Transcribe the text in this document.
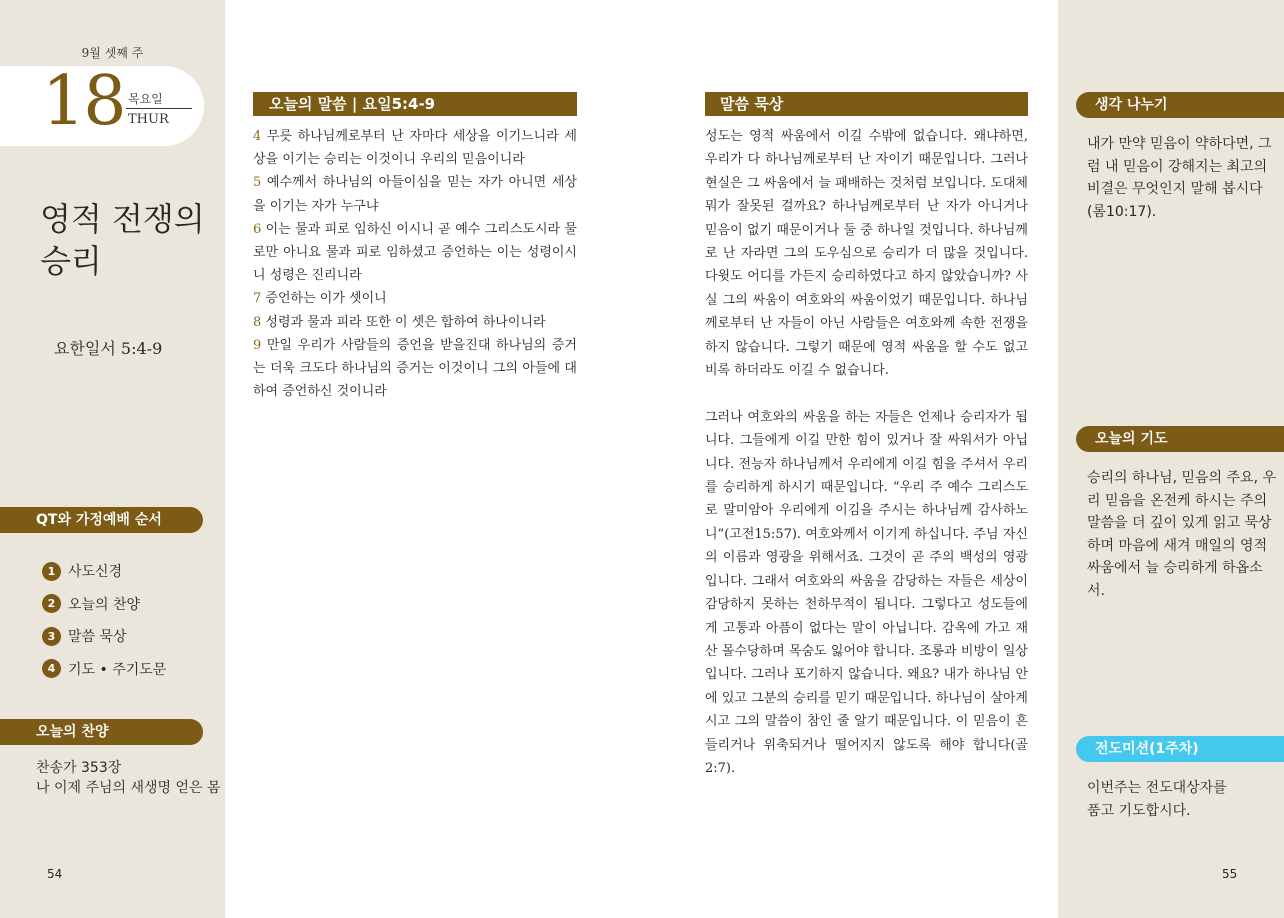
9월 셋째 주
18 목요일
THUR
영적 전쟁의
승리
요한일서 5:4-9
QT와 가정예배 순서
1 사도신경
2 오늘의 찬양
3 말씀 묵상
4 기도 • 주기도문
오늘의 찬양
찬송가 353장
나 이제 주님의 새생명 얻은 몸
54
오늘의 말씀 | 요일5:4-9
4 무릇 하나님께로부터 난 자마다 세상을 이기느니라 세상을 이기는 승리는 이것이니 우리의 믿음이니라
5 예수께서 하나님의 아들이심을 믿는 자가 아니면 세상을 이기는 자가 누구냐
6 이는 물과 피로 임하신 이시니 곧 예수 그리스도시라 물로만 아니요 물과 피로 임하셨고 증언하는 이는 성령이시니 성령은 진리니라
7 증언하는 이가 셋이니
8 성령과 물과 피라 또한 이 셋은 합하여 하나이니라
9 만일 우리가 사람들의 증언을 받을진대 하나님의 증거는 더욱 크도다 하나님의 증거는 이것이니 그의 아들에 대하여 증언하신 것이니라
말씀 묵상

성도는 영적 싸움에서 이길 수밖에 없습니다. 왜냐하면, 우리가 다 하나님께로부터 난 자이기 때문입니다. 그러나 현실은 그 싸움에서 늘 패배하는 것처럼 보입니다. 도대체 뭐가 잘못된 걸까요? 하나님께로부터 난 자가 아니거나 믿음이 없기 때문이거나 둘 중 하나일 것입니다. 하나님께로 난 자라면 그의 도우심으로 승리가 더 많을 것입니다. 다윗도 어디를 가든지 승리하였다고 하지 않았습니까? 사실 그의 싸움이 여호와의 싸움이었기 때문입니다. 하나님께로부터 난 자들이 아닌 사람들은 여호와께 속한 전쟁을 하지 않습니다. 그렇기 때문에 영적 싸움을 할 수도 없고 비록 하더라도 이길 수 없습니다.

그러나 여호와의 싸움을 하는 자들은 언제나 승리자가 됩니다. 그들에게 이길 만한 힘이 있거나 잘 싸워서가 아닙니다. 전능자 하나님께서 우리에게 이길 힘을 주셔서 우리를 승리하게 하시기 때문입니다. “우리 주 예수 그리스도로 말미암아 우리에게 이김을 주시는 하나님께 감사하노니”(고전15:57). 여호와께서 이기게 하십니다. 주님 자신의 이름과 영광을 위해서죠. 그것이 곧 주의 백성의 영광입니다. 그래서 여호와의 싸움을 감당하는 자들은 세상이 감당하지 못하는 천하무적이 됩니다. 그렇다고 성도들에게 고통과 아픔이 없다는 말이 아닙니다. 감옥에 가고 재산 몰수당하며 목숨도 잃어야 합니다. 조롱과 비방이 일상입니다. 그러나 포기하지 않습니다. 왜요? 내가 하나님 안에 있고 그분의 승리를 믿기 때문입니다. 하나님이 살아계시고 그의 말씀이 참인 줄 알기 때문입니다. 이 믿음이 흔들리거나 위축되거나 떨어지지 않도록 해야 합니다(골2:7).

생각 나누기
내가 만약 믿음이 약하다면, 그럼 내 믿음이 강해지는 최고의 비결은 무엇인지 말해 봅시다(롬10:17).
오늘의 기도
승리의 하나님, 믿음의 주요, 우리 믿음을 온전케 하시는 주의 말씀을 더 깊이 있게 읽고 묵상하며 마음에 새겨 매일의 영적 싸움에서 늘 승리하게 하옵소서.
전도미션(1주차)
이번주는 전도대상자를 품고 기도합시다.
55
